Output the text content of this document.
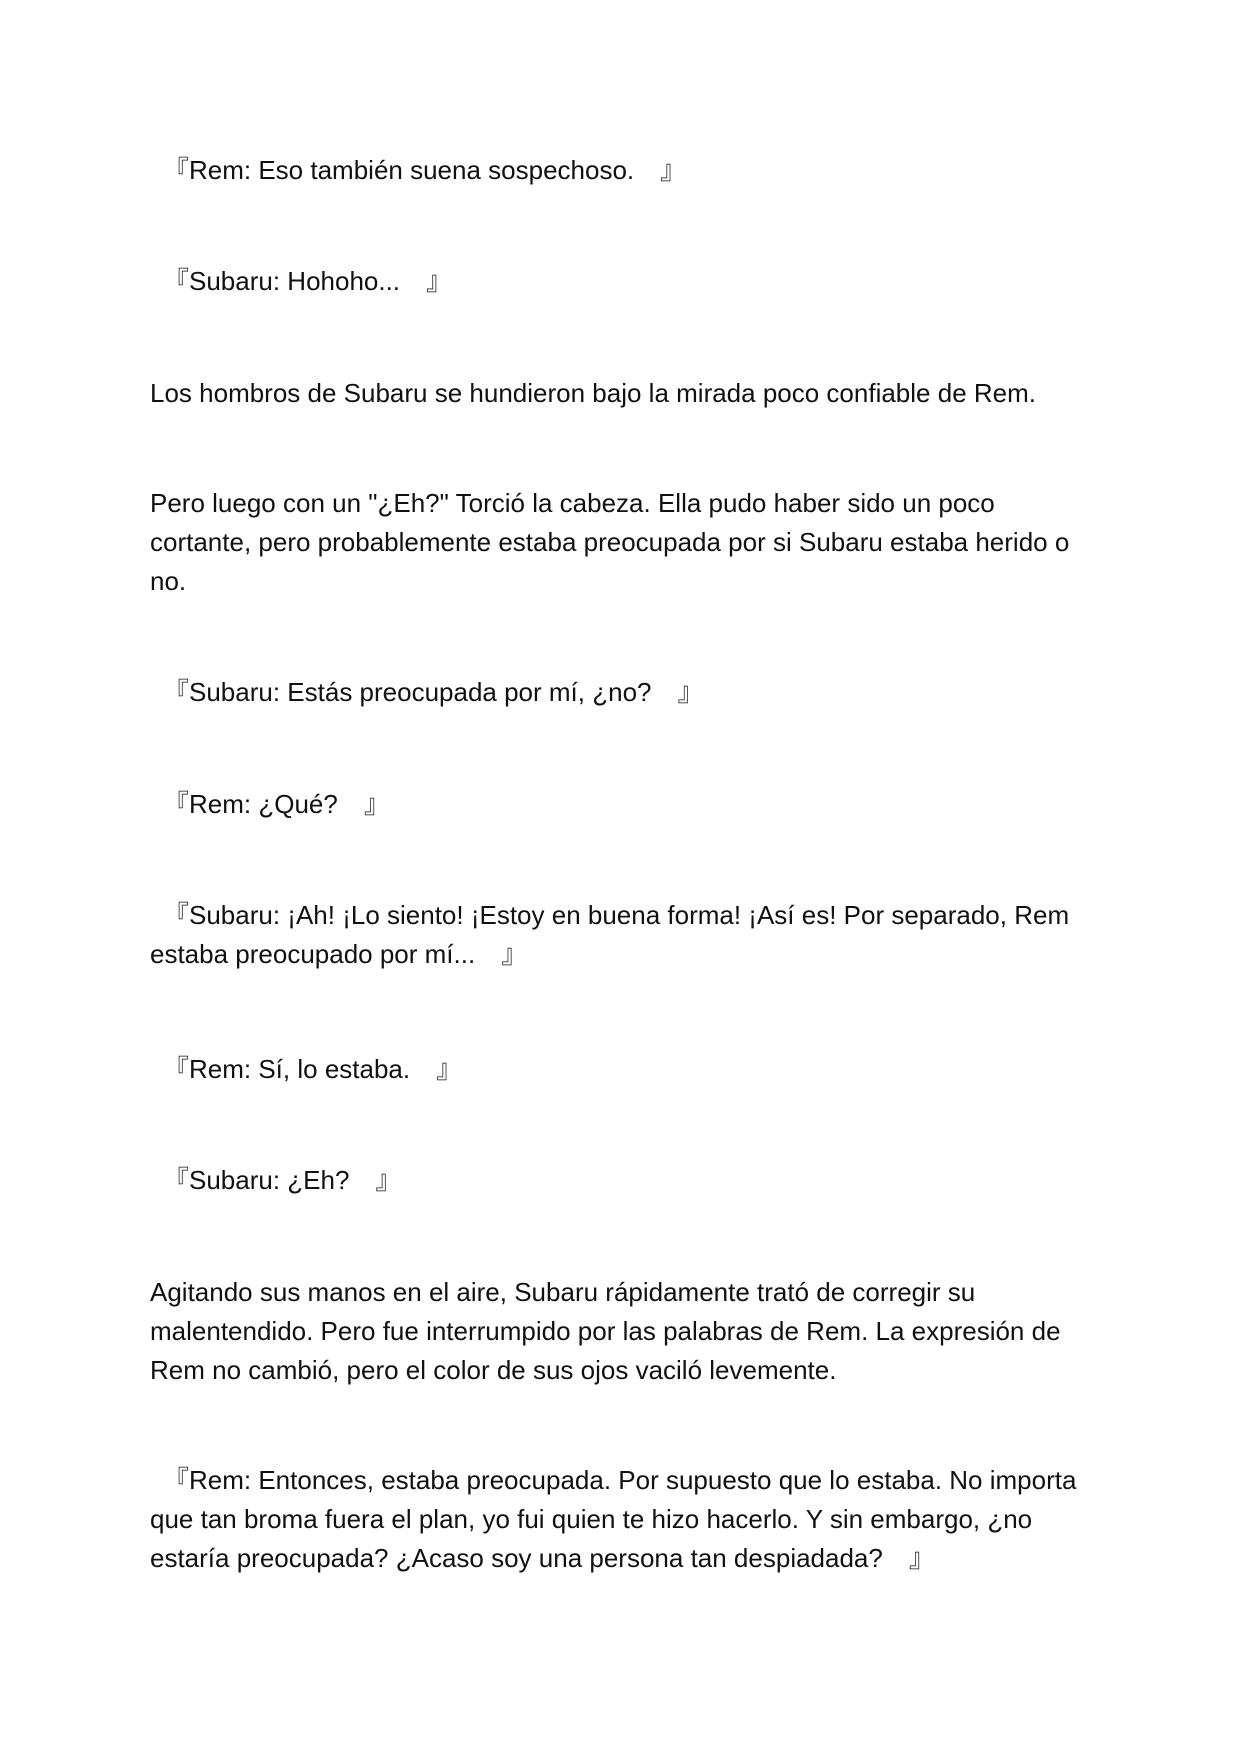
　『Rem: Eso también suena sospechoso.　』

　『Subaru: Hohoho...　』

Los hombros de Subaru se hundieron bajo la mirada poco confiable de Rem.

Pero luego con un "¿Eh?" Torció la cabeza. Ella pudo haber sido un poco cortante, pero probablemente estaba preocupada por si Subaru estaba herido o no.

　『Subaru: Estás preocupada por mí, ¿no?　』

　『Rem: ¿Qué?　』

　『Subaru: ¡Ah! ¡Lo siento! ¡Estoy en buena forma! ¡Así es! Por separado, Rem estaba preocupado por mí...　』

　『Rem: Sí, lo estaba.　』

　『Subaru: ¿Eh?　』

Agitando sus manos en el aire, Subaru rápidamente trató de corregir su malentendido. Pero fue interrumpido por las palabras de Rem. La expresión de Rem no cambió, pero el color de sus ojos vaciló levemente.

　『Rem: Entonces, estaba preocupada. Por supuesto que lo estaba. No importa que tan broma fuera el plan, yo fui quien te hizo hacerlo. Y sin embargo, ¿no estaría preocupada? ¿Acaso soy una persona tan despiadada?　』
